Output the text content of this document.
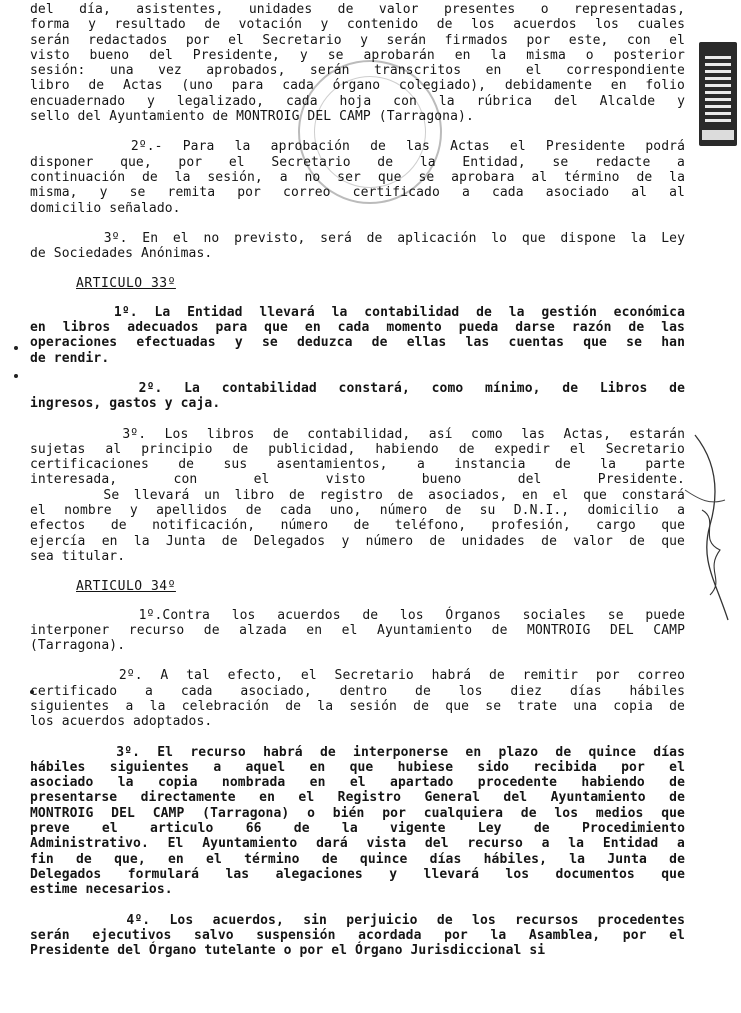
del día, asistentes, unidades de valor presentes o representadas,
forma y resultado de votación y contenido de los acuerdos los cuales
serán redactados por el Secretario y serán firmados por este, con el
visto bueno del Presidente, y se aprobarán en la misma o posterior
sesión: una vez aprobados, serán transcritos en el correspondiente
libro de Actas (uno para cada órgano colegiado), debidamente en folio
encuadernado y legalizado, cada hoja con la rúbrica del Alcalde y
sello del Ayuntamiento de MONTROIG DEL CAMP (Tarragona).
2º.- Para la aprobación de las Actas el Presidente podrá
disponer que, por el Secretario de la Entidad, se redacte a
continuación de la sesión, a no ser que se aprobara al término de la
misma, y se remita por correo certificado a cada asociado al al
domicilio señalado.
3º. En el no previsto, será de aplicación lo que dispone la Ley
de Sociedades Anónimas.
ARTICULO 33º
1º. La Entidad llevará la contabilidad de la gestión económica
en libros adecuados para que en cada momento pueda darse razón de las
operaciones efectuadas y se deduzca de ellas las cuentas que se han
de rendir.
2º. La contabilidad constará, como mínimo, de Libros de
ingresos, gastos y caja.
3º. Los libros de contabilidad, así como las Actas, estarán
sujetas al principio de publicidad, habiendo de expedir el Secretario
certificaciones de sus asentamientos, a instancia de la parte
interesada, con el visto bueno del Presidente.
Se llevará un libro de registro de asociados, en el que constará
el nombre y apellidos de cada uno, número de su D.N.I., domicilio a
efectos de notificación, número de teléfono, profesión, cargo que
ejercía en la Junta de Delegados y número de unidades de valor de que
sea titular.
ARTICULO 34º
1º.Contra los acuerdos de los Órganos sociales se puede
interponer recurso de alzada en el Ayuntamiento de MONTROIG DEL CAMP
(Tarragona).
2º. A tal efecto, el Secretario habrá de remitir por correo
certificado a cada asociado, dentro de los diez días hábiles
siguientes a la celebración de la sesión de que se trate una copia de
los acuerdos adoptados.
3º. El recurso habrá de interponerse en plazo de quince días
hábiles siguientes a aquel en que hubiese sido recibida por el
asociado la copia nombrada en el apartado procedente habiendo de
presentarse directamente en el Registro General del Ayuntamiento de
MONTROIG DEL CAMP (Tarragona) o bién por cualquiera de los medios que
preve el articulo 66 de la vigente Ley de Procedimiento
Administrativo. El Ayuntamiento dará vista del recurso a la Entidad a
fin de que, en el término de quince días hábiles, la Junta de
Delegados formulará las alegaciones y llevará los documentos que
estime necesarios.
4º. Los acuerdos, sin perjuicio de los recursos procedentes
serán ejecutivos salvo suspensión acordada por la Asamblea, por el
Presidente del Órgano tutelante o por el Órgano Jurisdiccional si
